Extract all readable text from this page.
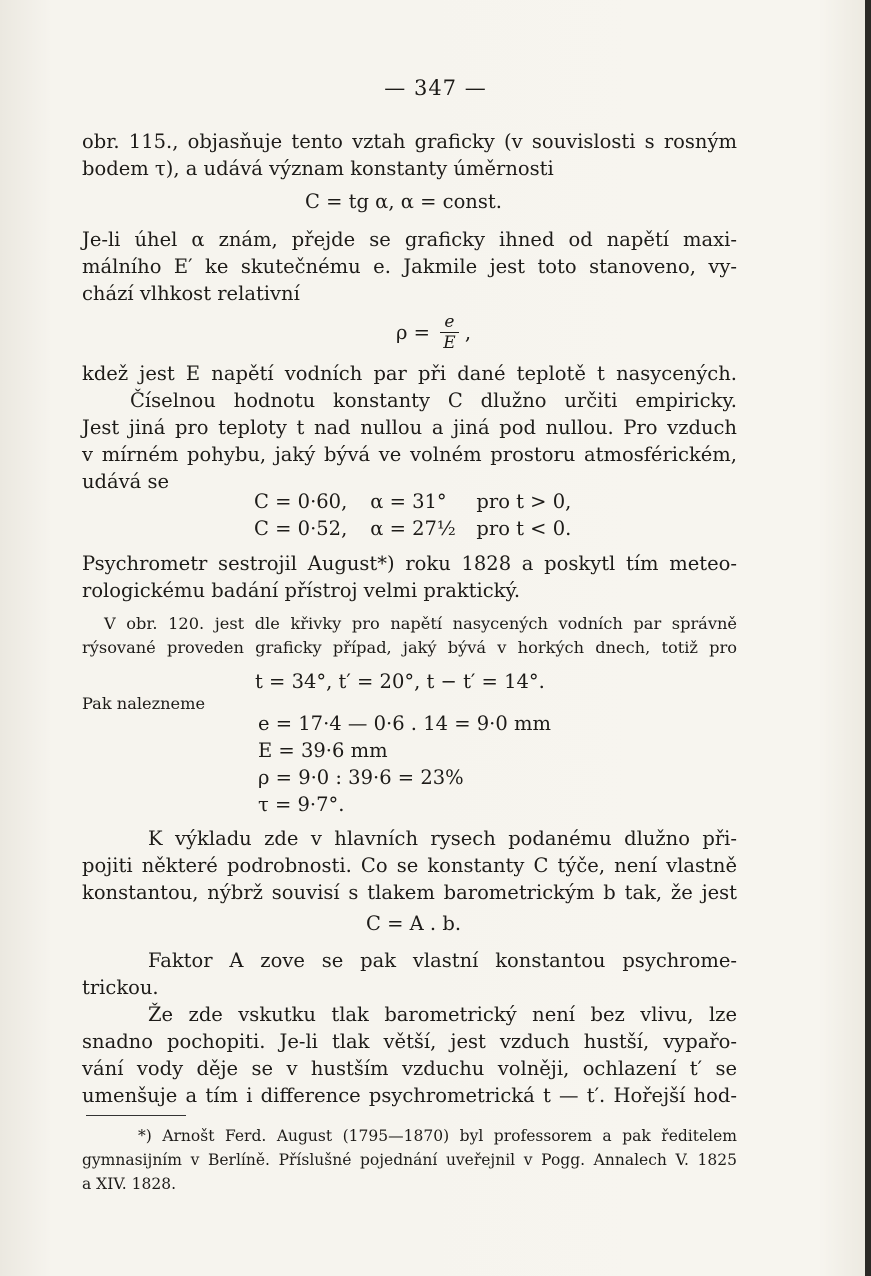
— 347 —
obr. 115., objasňuje tento vztah graficky (v souvislosti s rosným
bodem τ), a udává význam konstanty úměrnosti
C = tg α, α = const.
Je-li úhel α znám, přejde se graficky ihned od napětí maxi-
málního E′ ke skutečnému e. Jakmile jest toto stanoveno, vy-
chází vlhkost relativní
$\rho = \frac{e}{E}$ ,
kdež jest E napětí vodních par při dané teplotě t nasycených.
Číselnou hodnotu konstanty C dlužno určiti empiricky.
Jest jiná pro teploty t nad nullou a jiná pod nullou. Pro vzduch
v mírném pohybu, jaký bývá ve volném prostoru atmosférickém,
udává se
C = 0·60, α = 31° pro t > 0,
C = 0·52, α = 27½ pro t < 0.
Psychrometr sestrojil August*) roku 1828 a poskytl tím meteo-
rologickému badání přístroj velmi praktický.
V obr. 120. jest dle křivky pro napětí nasycených vodních par správně
rýsované proveden graficky případ, jaký bývá v horkých dnech, totiž pro
t = 34°, t′ = 20°, t − t′ = 14°.
Pak nalezneme
e = 17·4 — 0·6 . 14 = 9·0 mm
E = 39·6 mm
ρ = 9·0 : 39·6 = 23%
τ = 9·7°.
K výkladu zde v hlavních rysech podanému dlužno při-
pojiti některé podrobnosti. Co se konstanty C týče, není vlastně
konstantou, nýbrž souvisí s tlakem barometrickým b tak, že jest
C = A . b.
Faktor A zove se pak vlastní konstantou psychrome-
trickou.
Že zde vskutku tlak barometrický není bez vlivu, lze
snadno pochopiti. Je-li tlak větší, jest vzduch hustší, vypařo-
vání vody děje se v hustším vzduchu volněji, ochlazení t′ se
umenšuje a tím i difference psychrometrická t — t′. Hořejší hod-
*) Arnošt Ferd. August (1795—1870) byl professorem a pak ředitelem
gymnasijním v Berlíně. Příslušné pojednání uveřejnil v Pogg. Annalech V. 1825
a XIV. 1828.
